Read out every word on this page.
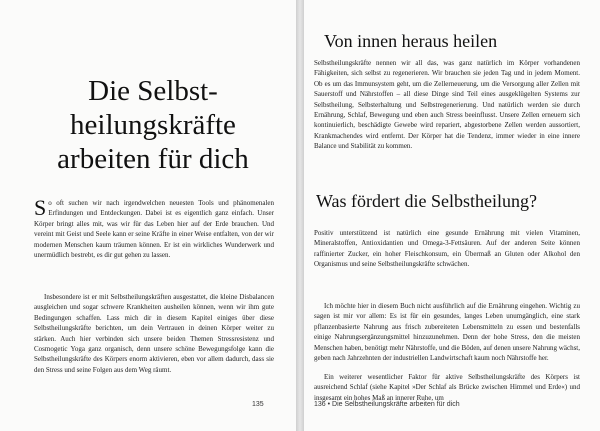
Die Selbst-
heilungskräfte
arbeiten für dich

So oft suchen wir nach irgendwelchen neuesten Tools und phänomenalen Erfindungen und Entdeckungen. Dabei ist es eigentlich ganz einfach. Unser Körper bringt alles mit, was wir für das Leben hier auf der Erde brauchen. Und vereint mit Geist und Seele kann er seine Kräfte in einer Weise entfalten, von der wir modernen Menschen kaum träumen können. Er ist ein wirkliches Wunderwerk und unermüdlich bestrebt, es dir gut gehen zu lassen.

Insbesondere ist er mit Selbstheilungskräften ausgestattet, die kleine Disbalancen ausgleichen und sogar schwere Krankheiten ausheilen können, wenn wir ihm gute Bedingungen schaffen. Lass mich dir in diesem Kapitel einiges über diese Selbstheilungskräfte berichten, um dein Vertrauen in deinen Körper weiter zu stärken. Auch hier verbinden sich unsere beiden Themen Stressresistenz und Cosmogetic Yoga ganz organisch, denn unsere schöne Bewegungsfolge kann die Selbstheilungskräfte des Körpers enorm aktivieren, eben vor allem dadurch, dass sie den Stress und seine Folgen aus dem Weg räumt.

135
Von innen heraus heilen

Selbstheilungskräfte nennen wir all das, was ganz natürlich im Körper vorhandenen Fähigkeiten, sich selbst zu regenerieren. Wir brauchen sie jeden Tag und in jedem Moment. Ob es um das Immunsystem geht, um die Zellerneuerung, um die Versorgung aller Zellen mit Sauerstoff und Nährstoffen – all diese Dinge sind Teil eines ausgeklügelten Systems zur Selbstheilung, Selbsterhaltung und Selbstregenerierung. Und natürlich werden sie durch Ernährung, Schlaf, Bewegung und eben auch Stress beeinflusst. Unsere Zellen erneuern sich kontinuierlich, beschädigte Gewebe wird repariert, abgestorbene Zellen werden aussortiert, Krankmachendes wird entfernt. Der Körper hat die Tendenz, immer wieder in eine innere Balance und Stabilität zu kommen.

Was fördert die Selbstheilung?

Positiv unterstützend ist natürlich eine gesunde Ernährung mit vielen Vitaminen, Mineralstoffen, Antioxidantien und Omega-3-Fettsäuren. Auf der anderen Seite können raffinierter Zucker, ein hoher Fleischkonsum, ein Übermaß an Gluten oder Alkohol den Organismus und seine Selbstheilungskräfte schwächen.

Ich möchte hier in diesem Buch nicht ausführlich auf die Ernährung eingehen. Wichtig zu sagen ist mir vor allem: Es ist für ein gesundes, langes Leben unumgänglich, eine stark pflanzenbasierte Nahrung aus frisch zubereiteten Lebensmitteln zu essen und bestenfalls einige Nahrungsergänzungsmittel hinzuzunehmen. Denn der hohe Stress, den die meisten Menschen haben, benötigt mehr Nährstoffe, und die Böden, auf denen unsere Nahrung wächst, geben nach Jahrzehnten der industriellen Landwirtschaft kaum noch Nährstoffe her.

Ein weiterer wesentlicher Faktor für aktive Selbstheilungskräfte des Körpers ist ausreichend Schlaf (siehe Kapitel »Der Schlaf als Brücke zwischen Himmel und Erde«) und insgesamt ein hohes Maß an innerer Ruhe, um

136 • Die Selbstheilungskräfte arbeiten für dich
